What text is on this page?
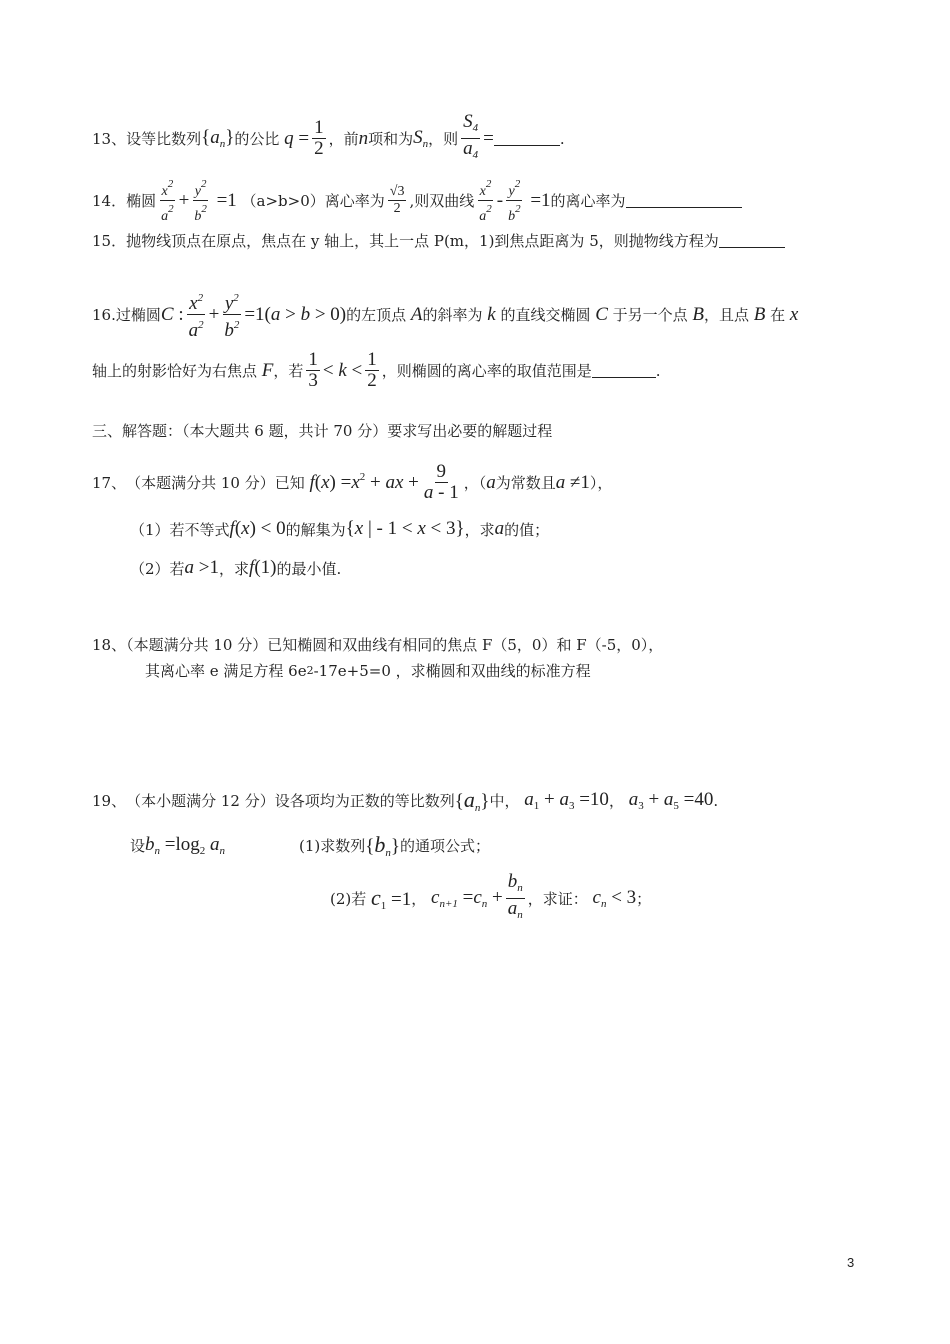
13、 设等比数列 $\{a_n\}$ 的公比 $q = \frac{1}{2}$ ，前 n 项和为 $S_n$ ，则 $\frac{S_4}{a_4}$ =	.
14． 椭圆 $\frac{x^2}{a^2} + \frac{y^2}{b^2} =1$ （a>b>0）离心率为 $\frac{√3}{2}$ ,则双曲线 $\frac{x^2}{a^2} - \frac{y^2}{b^2} =1$ 的离心率为
15．抛物线顶点在原点，焦点在 y 轴上，其上一点 P(m，1)到焦点距离为 5，则抛物线方程为
16. 过椭圆 C : $\frac{x^2}{a^2} + \frac{y^2}{b^2} =1(a > b > 0)$ 的左顶点 A 的斜率为 k 的直线交椭圆 C 于另一个点 B ，且点 B 在 x
轴上的射影恰好为右焦点 F ，若 $\frac{1}{3} < k < \frac{1}{2}$ ，则椭圆的离心率的取值范围是	.
三、解答题：（本大题共 6 题，共计 70 分）要求写出必要的解题过程
17、 （本题满分共 10 分）已知 f $(x) =x^2$ + ax + $\frac{9}{a - 1}$ ，（ a 为常数且 a ≠1 ），
（1）若不等式 f(x) < 0 的解集为 {x | - 1 < x < 3} ，求 a 的值；
（2）若 a >1 ，求 f(1) 的最小值.
18、（本题满分共 10 分）已知椭圆和双曲线有相同的焦点 F（5，0）和 F（-5，0），
其离心率 e 满足方程 6e 2 -17e+5=0 ，求椭圆和双曲线的标准方程
19、 （本小题满分 12 分）设各项均为正数的等比数列 $\{a_n\}$ 中， $a_1 + a_3 =10$ ， $a_3 + a_5 =40$ .
设 $b_n =\log_2$ $a_n$	(1)求数列 $\{b_n\}$ 的通项公式；
(2)若 $c_1 =1$ ， $c_{n+1} =c_n + \frac{b_n}{a_n}$ ，求证： $c_n < 3$ ；
3
